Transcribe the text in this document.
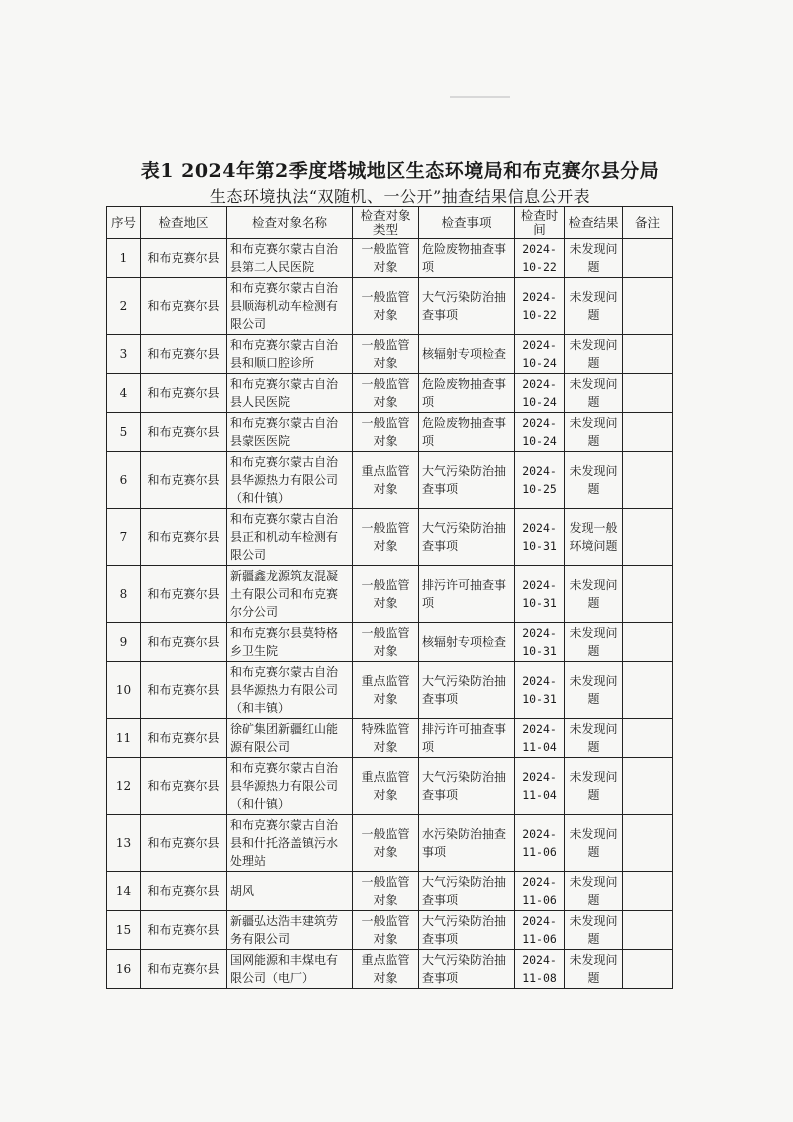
表1 2024年第2季度塔城地区生态环境局和布克赛尔县分局
生态环境执法“双随机、一公开”抽查结果信息公开表
序号	检查地区	检查对象名称	检查对象类型	检查事项	检查时间	检查结果	备注
1	和布克赛尔县	和布克赛尔蒙古自治县第二人民医院	一般监管对象	危险废物抽查事项	2024-10-22	未发现问题	
2	和布克赛尔县	和布克赛尔蒙古自治县顺海机动车检测有限公司	一般监管对象	大气污染防治抽查事项	2024-10-22	未发现问题	
3	和布克赛尔县	和布克赛尔蒙古自治县和顺口腔诊所	一般监管对象	核辐射专项检查	2024-10-24	未发现问题	
4	和布克赛尔县	和布克赛尔蒙古自治县人民医院	一般监管对象	危险废物抽查事项	2024-10-24	未发现问题	
5	和布克赛尔县	和布克赛尔蒙古自治县蒙医医院	一般监管对象	危险废物抽查事项	2024-10-24	未发现问题	
6	和布克赛尔县	和布克赛尔蒙古自治县华源热力有限公司（和什镇）	重点监管对象	大气污染防治抽查事项	2024-10-25	未发现问题	
7	和布克赛尔县	和布克赛尔蒙古自治县正和机动车检测有限公司	一般监管对象	大气污染防治抽查事项	2024-10-31	发现一般环境问题	
8	和布克赛尔县	新疆鑫龙源筑友混凝土有限公司和布克赛尔分公司	一般监管对象	排污许可抽查事项	2024-10-31	未发现问题	
9	和布克赛尔县	和布克赛尔县莫特格乡卫生院	一般监管对象	核辐射专项检查	2024-10-31	未发现问题	
10	和布克赛尔县	和布克赛尔蒙古自治县华源热力有限公司（和丰镇）	重点监管对象	大气污染防治抽查事项	2024-10-31	未发现问题	
11	和布克赛尔县	徐矿集团新疆红山能源有限公司	特殊监管对象	排污许可抽查事项	2024-11-04	未发现问题	
12	和布克赛尔县	和布克赛尔蒙古自治县华源热力有限公司（和什镇）	重点监管对象	大气污染防治抽查事项	2024-11-04	未发现问题	
13	和布克赛尔县	和布克赛尔蒙古自治县和什托洛盖镇污水处理站	一般监管对象	水污染防治抽查事项	2024-11-06	未发现问题	
14	和布克赛尔县	胡风	一般监管对象	大气污染防治抽查事项	2024-11-06	未发现问题	
15	和布克赛尔县	新疆弘达浩丰建筑劳务有限公司	一般监管对象	大气污染防治抽查事项	2024-11-06	未发现问题	
16	和布克赛尔县	国网能源和丰煤电有限公司（电厂）	重点监管对象	大气污染防治抽查事项	2024-11-08	未发现问题	
